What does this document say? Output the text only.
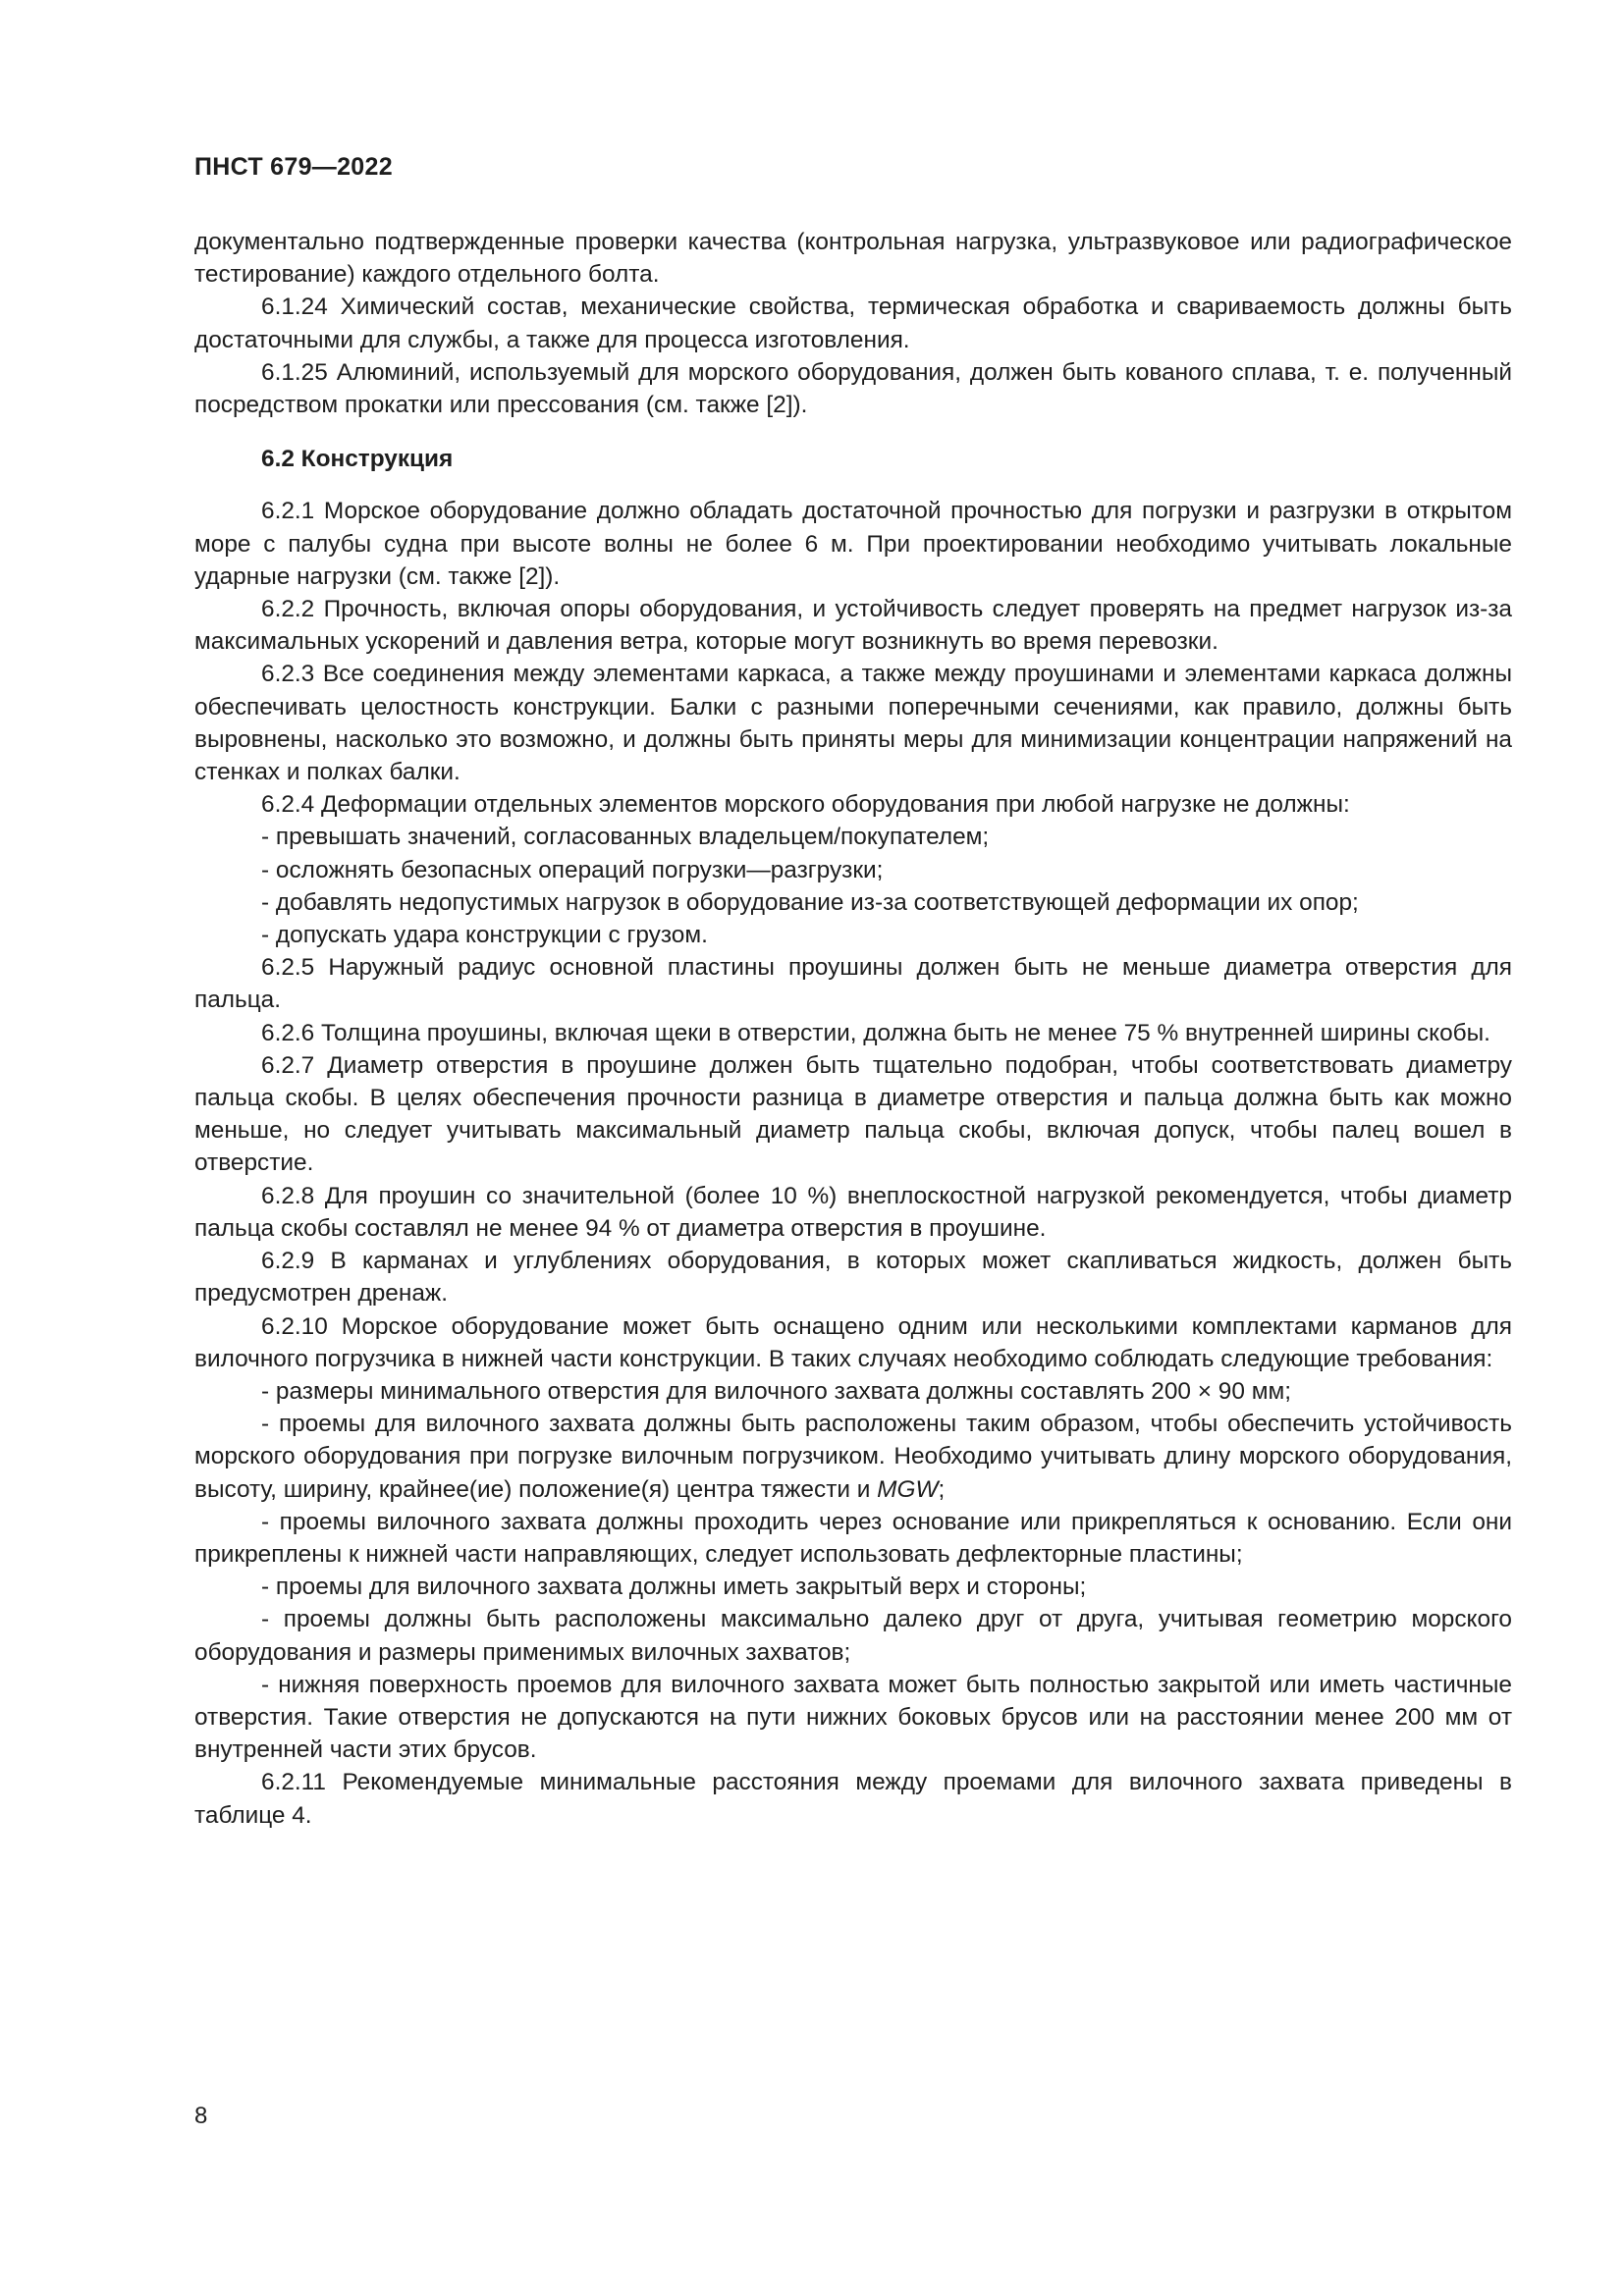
ПНСТ 679—2022

документально подтвержденные проверки качества (контрольная нагрузка, ультразвуковое или радиографическое тестирование) каждого отдельного болта.

6.1.24 Химический состав, механические свойства, термическая обработка и свариваемость должны быть достаточными для службы, а также для процесса изготовления.

6.1.25 Алюминий, используемый для морского оборудования, должен быть кованого сплава, т. е. полученный посредством прокатки или прессования (см. также [2]).

6.2 Конструкция

6.2.1 Морское оборудование должно обладать достаточной прочностью для погрузки и разгрузки в открытом море с палубы судна при высоте волны не более 6 м. При проектировании необходимо учитывать локальные ударные нагрузки (см. также [2]).

6.2.2 Прочность, включая опоры оборудования, и устойчивость следует проверять на предмет нагрузок из-за максимальных ускорений и давления ветра, которые могут возникнуть во время перевозки.

6.2.3 Все соединения между элементами каркаса, а также между проушинами и элементами каркаса должны обеспечивать целостность конструкции. Балки с разными поперечными сечениями, как правило, должны быть выровнены, насколько это возможно, и должны быть приняты меры для минимизации концентрации напряжений на стенках и полках балки.

6.2.4 Деформации отдельных элементов морского оборудования при любой нагрузке не должны:

- превышать значений, согласованных владельцем/покупателем;

- осложнять безопасных операций погрузки—разгрузки;

- добавлять недопустимых нагрузок в оборудование из-за соответствующей деформации их опор;

- допускать удара конструкции с грузом.

6.2.5 Наружный радиус основной пластины проушины должен быть не меньше диаметра отверстия для пальца.

6.2.6 Толщина проушины, включая щеки в отверстии, должна быть не менее 75 % внутренней ширины скобы.

6.2.7 Диаметр отверстия в проушине должен быть тщательно подобран, чтобы соответствовать диаметру пальца скобы. В целях обеспечения прочности разница в диаметре отверстия и пальца должна быть как можно меньше, но следует учитывать максимальный диаметр пальца скобы, включая допуск, чтобы палец вошел в отверстие.

6.2.8 Для проушин со значительной (более 10 %) внеплоскостной нагрузкой рекомендуется, чтобы диаметр пальца скобы составлял не менее 94 % от диаметра отверстия в проушине.

6.2.9 В карманах и углублениях оборудования, в которых может скапливаться жидкость, должен быть предусмотрен дренаж.

6.2.10 Морское оборудование может быть оснащено одним или несколькими комплектами карманов для вилочного погрузчика в нижней части конструкции. В таких случаях необходимо соблюдать следующие требования:

- размеры минимального отверстия для вилочного захвата должны составлять 200 × 90 мм;

- проемы для вилочного захвата должны быть расположены таким образом, чтобы обеспечить устойчивость морского оборудования при погрузке вилочным погрузчиком. Необходимо учитывать длину морского оборудования, высоту, ширину, крайнее(ие) положение(я) центра тяжести и MGW;

- проемы вилочного захвата должны проходить через основание или прикрепляться к основанию. Если они прикреплены к нижней части направляющих, следует использовать дефлекторные пластины;

- проемы для вилочного захвата должны иметь закрытый верх и стороны;

- проемы должны быть расположены максимально далеко друг от друга, учитывая геометрию морского оборудования и размеры применимых вилочных захватов;

- нижняя поверхность проемов для вилочного захвата может быть полностью закрытой или иметь частичные отверстия. Такие отверстия не допускаются на пути нижних боковых брусов или на расстоянии менее 200 мм от внутренней части этих брусов.

6.2.11 Рекомендуемые минимальные расстояния между проемами для вилочного захвата приведены в таблице 4.

8
